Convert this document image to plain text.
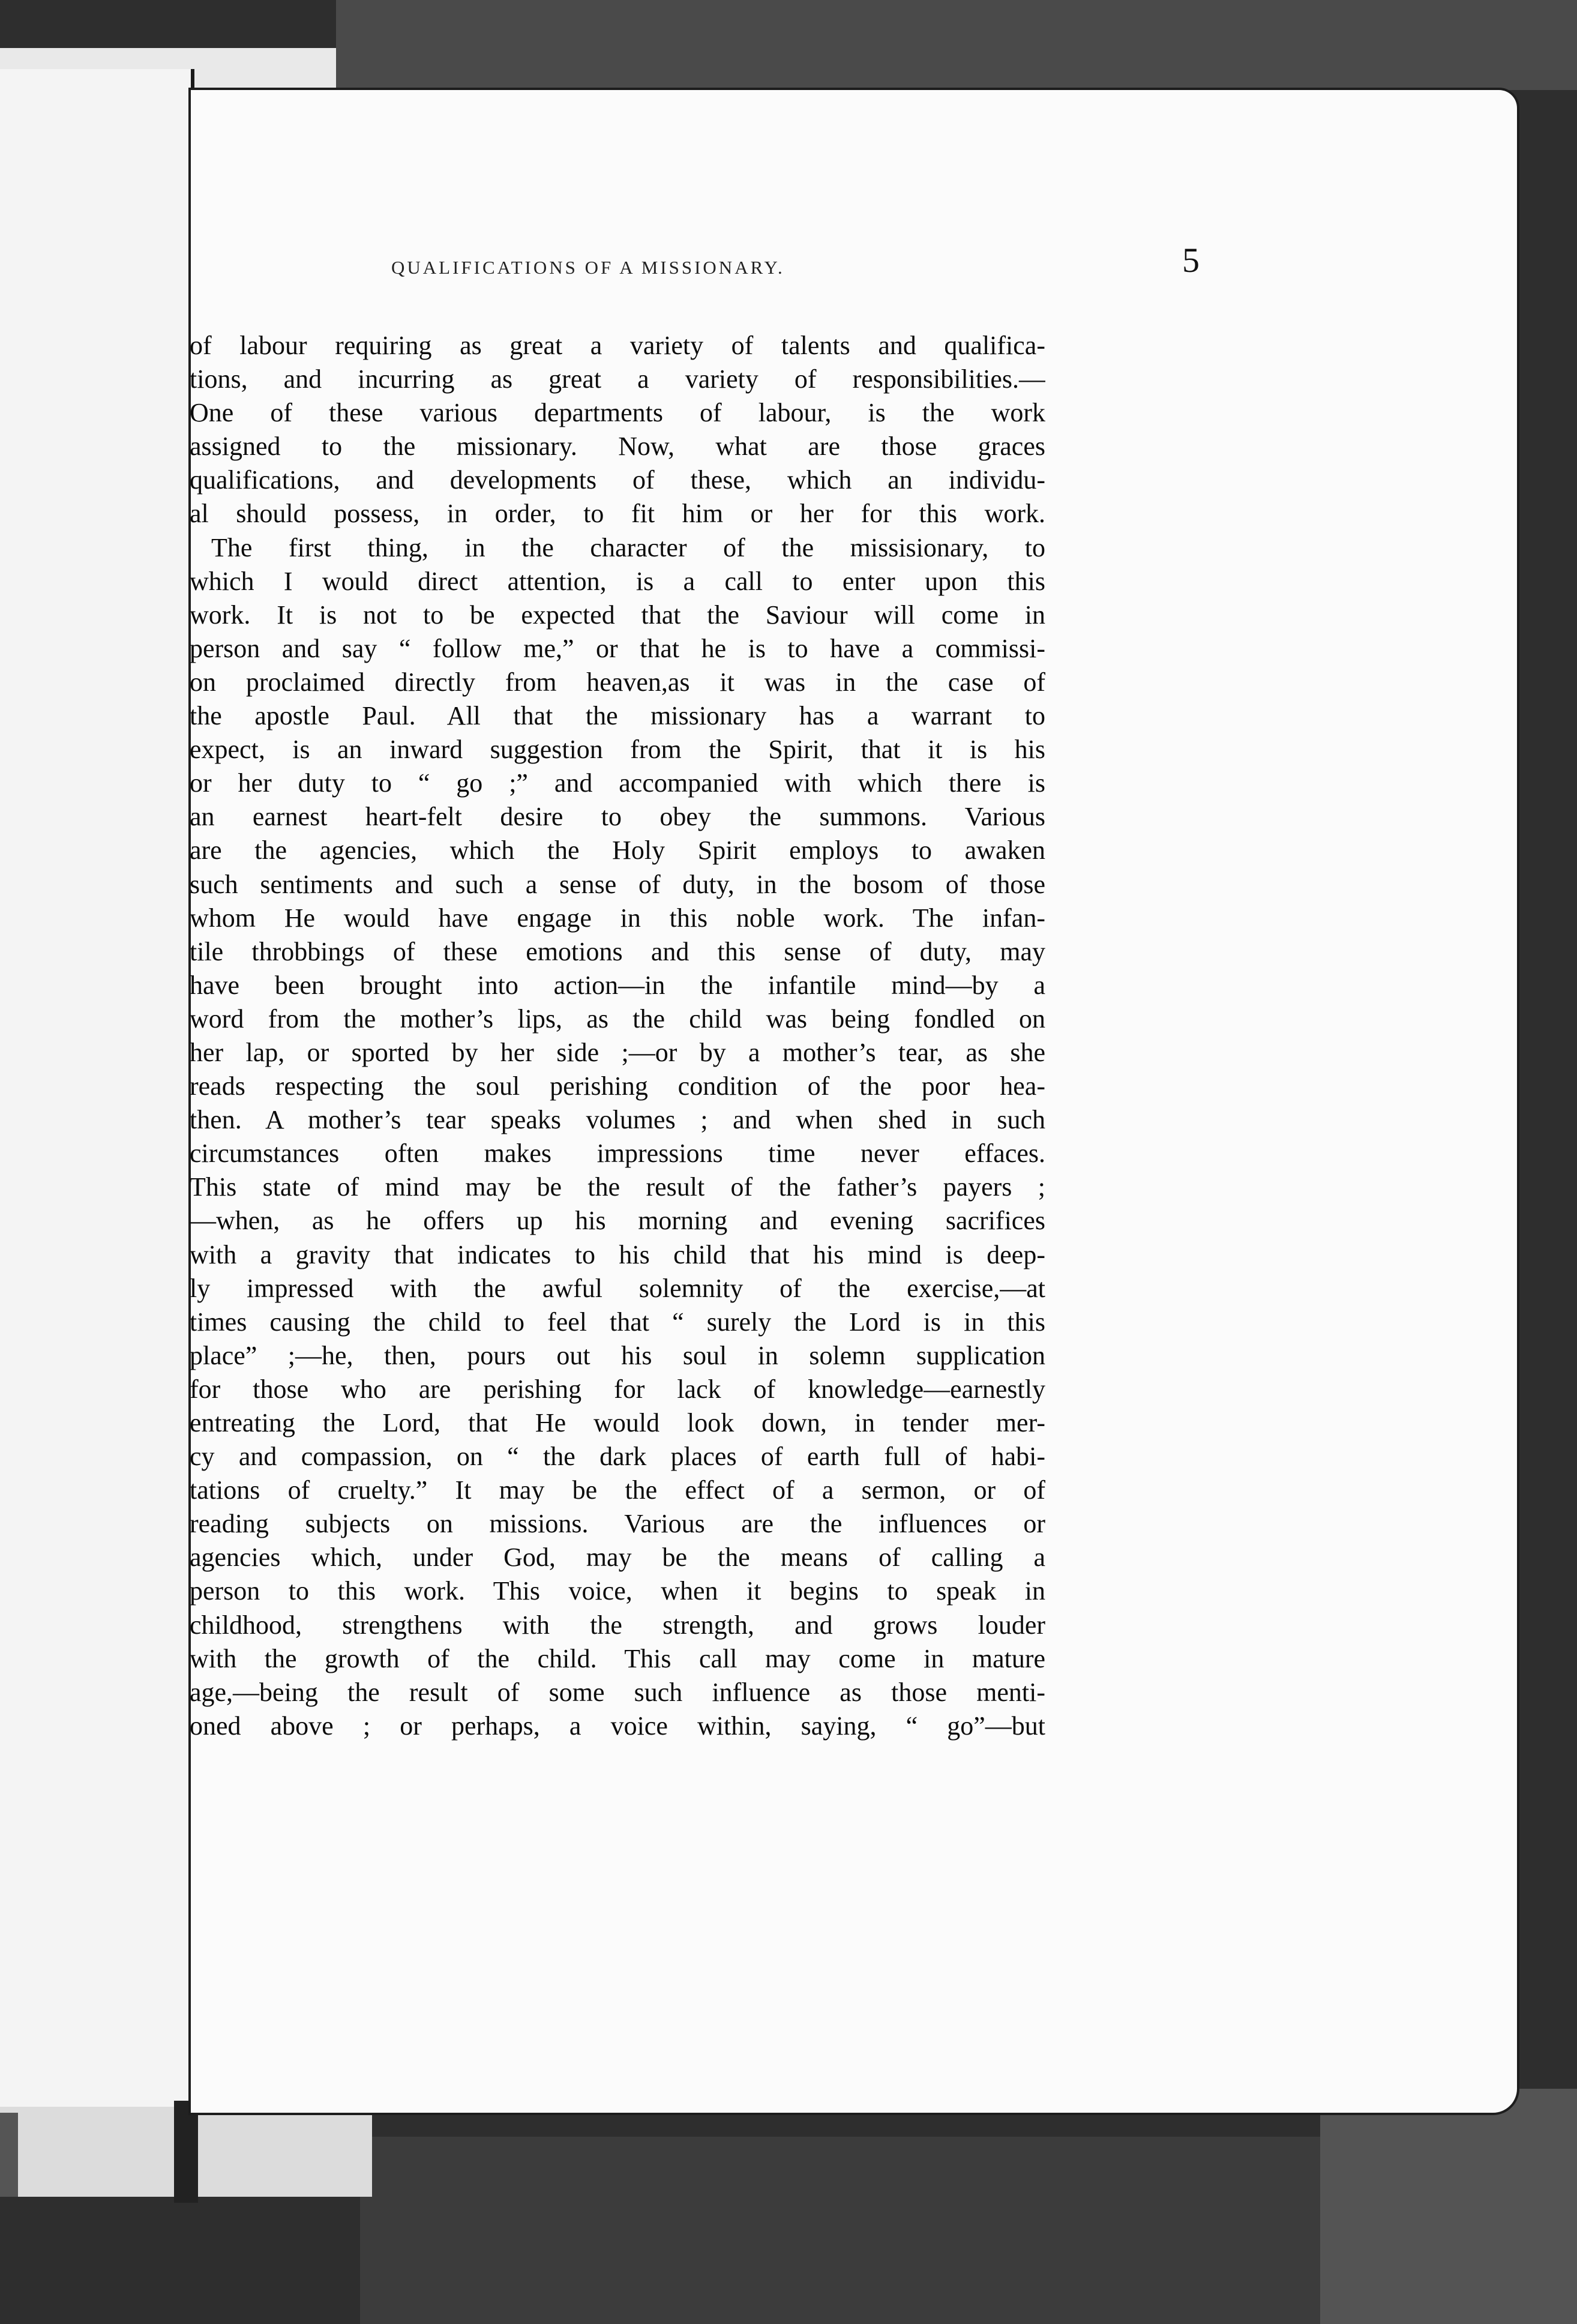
QUALIFICATIONS OF A MISSIONARY.	5
of labour requiring as great a variety of talents and qualifica-
tions, and incurring as great a variety of responsibilities.—
One of these various departments of labour, is the work
assigned to the missionary. Now, what are those graces
qualifications, and developments of these, which an individu-
al should possess, in order, to fit him or her for this work.
The first thing, in the character of the missisionary, to
which I would direct attention, is a call to enter upon this
work. It is not to be expected that the Saviour will come in
person and say “ follow me,” or that he is to have a commissi-
on proclaimed directly from heaven,as it was in the case of
the apostle Paul. All that the missionary has a warrant to
expect, is an inward suggestion from the Spirit, that it is his
or her duty to “ go ;” and accompanied with which there is
an earnest heart-felt desire to obey the summons. Various
are the agencies, which the Holy Spirit employs to awaken
such sentiments and such a sense of duty, in the bosom of those
whom He would have engage in this noble work. The infan-
tile throbbings of these emotions and this sense of duty, may
have been brought into action—in the infantile mind—by a
word from the mother’s lips, as the child was being fondled on
her lap, or sported by her side ;—or by a mother’s tear, as she
reads respecting the soul perishing condition of the poor hea-
then. A mother’s tear speaks volumes ; and when shed in such
circumstances often makes impressions time never effaces.
This state of mind may be the result of the father’s payers ;
—when, as he offers up his morning and evening sacrifices
with a gravity that indicates to his child that his mind is deep-
ly impressed with the awful solemnity of the exercise,—at
times causing the child to feel that “ surely the Lord is in this
place” ;—he, then, pours out his soul in solemn supplication
for those who are perishing for lack of knowledge—earnestly
entreating the Lord, that He would look down, in tender mer-
cy and compassion, on “ the dark places of earth full of habi-
tations of cruelty.” It may be the effect of a sermon, or of
reading subjects on missions. Various are the influences or
agencies which, under God, may be the means of calling a
person to this work. This voice, when it begins to speak in
childhood, strengthens with the strength, and grows louder
with the growth of the child. This call may come in mature
age,—being the result of some such influence as those menti-
oned above ; or perhaps, a voice within, saying, “ go”—but
